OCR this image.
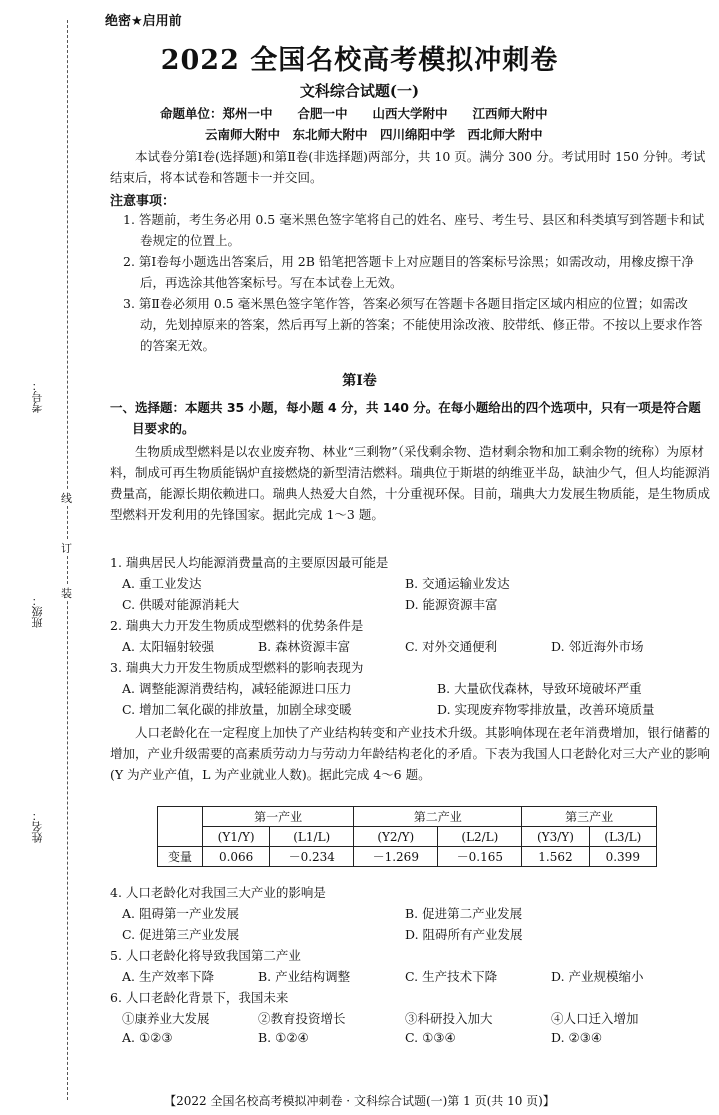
考号：
班级：
姓名：
装
订
线
绝密★启用前
2022 全国名校高考模拟冲刺卷
文科综合试题(一)
命题单位：郑州一中　　合肥一中　　山西大学附中　　江西师大附中
云南师大附中　东北师大附中　四川绵阳中学　西北师大附中
本试卷分第Ⅰ卷(选择题)和第Ⅱ卷(非选择题)两部分，共 10 页。满分 300 分。考试用时 150 分钟。考试结束后，将本试卷和答题卡一并交回。
注意事项：
1. 答题前，考生务必用 0.5 毫米黑色签字笔将自己的姓名、座号、考生号、县区和科类填写到答题卡和试卷规定的位置上。
2. 第Ⅰ卷每小题选出答案后，用 2B 铅笔把答题卡上对应题目的答案标号涂黑；如需改动，用橡皮擦干净后，再选涂其他答案标号。写在本试卷上无效。
3. 第Ⅱ卷必须用 0.5 毫米黑色签字笔作答，答案必须写在答题卡各题目指定区域内相应的位置；如需改动，先划掉原来的答案，然后再写上新的答案；不能使用涂改液、胶带纸、修正带。不按以上要求作答的答案无效。
第Ⅰ卷
一、选择题：本题共 35 小题，每小题 4 分，共 140 分。在每小题给出的四个选项中，只有一项是符合题目要求的。
生物质成型燃料是以农业废弃物、林业“三剩物”（采伐剩余物、造材剩余物和加工剩余物的统称）为原材料，制成可再生物质能锅炉直接燃烧的新型清洁燃料。瑞典位于斯堪的纳维亚半岛，缺油少气，但人均能源消费量高，能源长期依赖进口。瑞典人热爱大自然，十分重视环保。目前，瑞典大力发展生物质能，是生物质成型燃料开发利用的先锋国家。据此完成 1～3 题。
1. 瑞典居民人均能源消费量高的主要原因最可能是
A. 重工业发达	B. 交通运输业发达
C. 供暖对能源消耗大	D. 能源资源丰富
2. 瑞典大力开发生物质成型燃料的优势条件是
A. 太阳辐射较强	B. 森林资源丰富	C. 对外交通便利	D. 邻近海外市场
3. 瑞典大力开发生物质成型燃料的影响表现为
A. 调整能源消费结构，减轻能源进口压力	B. 大量砍伐森林，导致环境破坏严重
C. 增加二氧化碳的排放量，加剧全球变暖	D. 实现废弃物零排放量，改善环境质量
人口老龄化在一定程度上加快了产业结构转变和产业技术升级。其影响体现在老年消费增加，银行储蓄的增加，产业升级需要的高素质劳动力与劳动力年龄结构老化的矛盾。下表为我国人口老龄化对三大产业的影响(Y 为产业产值，L 为产业就业人数)。据此完成 4～6 题。
	第一产业		第二产业		第三产业	
	(Y1/Y)	(L1/L)	(Y2/Y)	(L2/L)	(Y3/Y)	(L3/L)
变量	0.066	－0.234	－1.269	－0.165	1.562	0.399
4. 人口老龄化对我国三大产业的影响是
A. 阻碍第一产业发展	B. 促进第二产业发展
C. 促进第三产业发展	D. 阻碍所有产业发展
5. 人口老龄化将导致我国第二产业
A. 生产效率下降	B. 产业结构调整	C. 生产技术下降	D. 产业规模缩小
6. 人口老龄化背景下，我国未来
①康养业大发展	②教育投资增长	③科研投入加大	④人口迁入增加
A. ①②③	B. ①②④	C. ①③④	D. ②③④
【2022 全国名校高考模拟冲刺卷 · 文科综合试题(一)第 1 页(共 10 页)】
